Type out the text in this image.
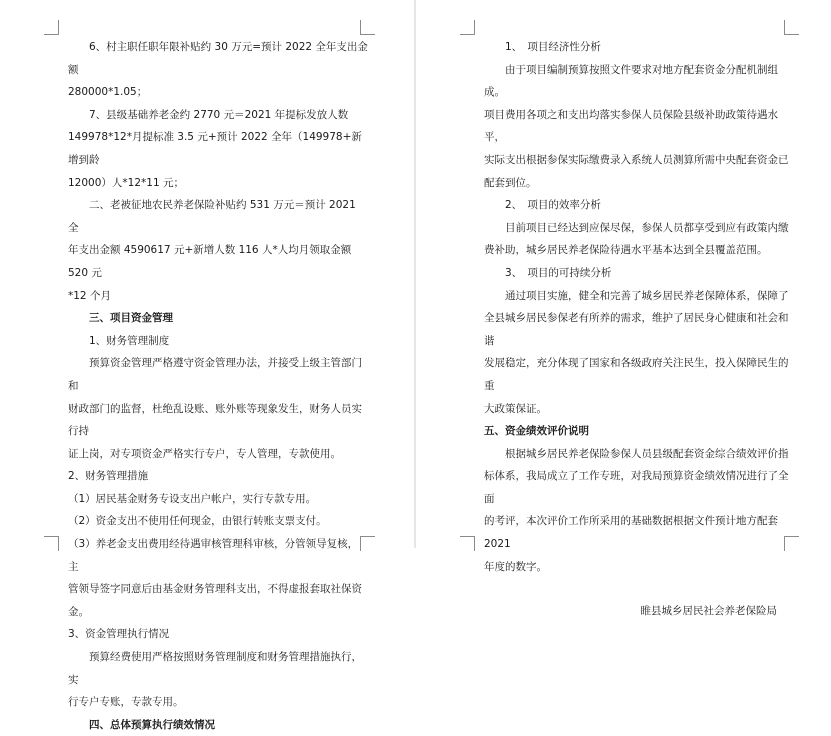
6、村主职任职年限补贴约 30 万元=预计 2022 全年支出金额

280000*1.05；

7、县级基础养老金约 2770 元＝2021 年提标发放人数

149978*12*月提标准 3.5 元+预计 2022 全年（149978+新增到龄

12000）人*12*11 元；

二、老被征地农民养老保险补贴约 531 万元＝预计 2021 全

年支出金额 4590617 元+新增人数 116 人*人均月领取金额 520 元

*12 个月

三、项目资金管理

1、财务管理制度

预算资金管理严格遵守资金管理办法，并接受上级主管部门和

财政部门的监督，杜绝乱设账、账外账等现象发生，财务人员实行持

证上岗，对专项资金严格实行专户，专人管理，专款使用。

2、财务管理措施

（1）居民基金财务专设支出户帐户，实行专款专用。

（2）资金支出不使用任何现金，由银行转账支票支付。

（3）养老金支出费用经待遇审核管理科审核，分管领导复核，主

管领导签字同意后由基金财务管理科支出，不得虚报套取社保资金。

3、资金管理执行情况

预算经费使用严格按照财务管理制度和财务管理措施执行，实

行专户专账，专款专用。

四、总体预算执行绩效情况

1、　项目经济性分析

由于项目编制预算按照文件要求对地方配套资金分配机制组成。

项目费用各项之和支出均落实参保人员保险县级补助政策待遇水平，

实际支出根据参保实际缴费录入系统人员测算所需中央配套资金已

配套到位。

2、　项目的效率分析

目前项目已经达到应保尽保，参保人员都享受到应有政策内缴

费补助，城乡居民养老保险待遇水平基本达到全县覆盖范围。

3、　项目的可持续分析

通过项目实施，健全和完善了城乡居民养老保障体系，保障了

全县城乡居民参保老有所养的需求，维护了居民身心健康和社会和谐

发展稳定，充分体现了国家和各级政府关注民生，投入保障民生的重

大政策保证。

五、资金绩效评价说明

根据城乡居民养老保险参保人员县级配套资金综合绩效评价指

标体系，我局成立了工作专班，对我局预算资金绩效情况进行了全面

的考评，本次评价工作所采用的基础数据根据文件预计地方配套 2021

年度的数字。

睢县城乡居民社会养老保险局
